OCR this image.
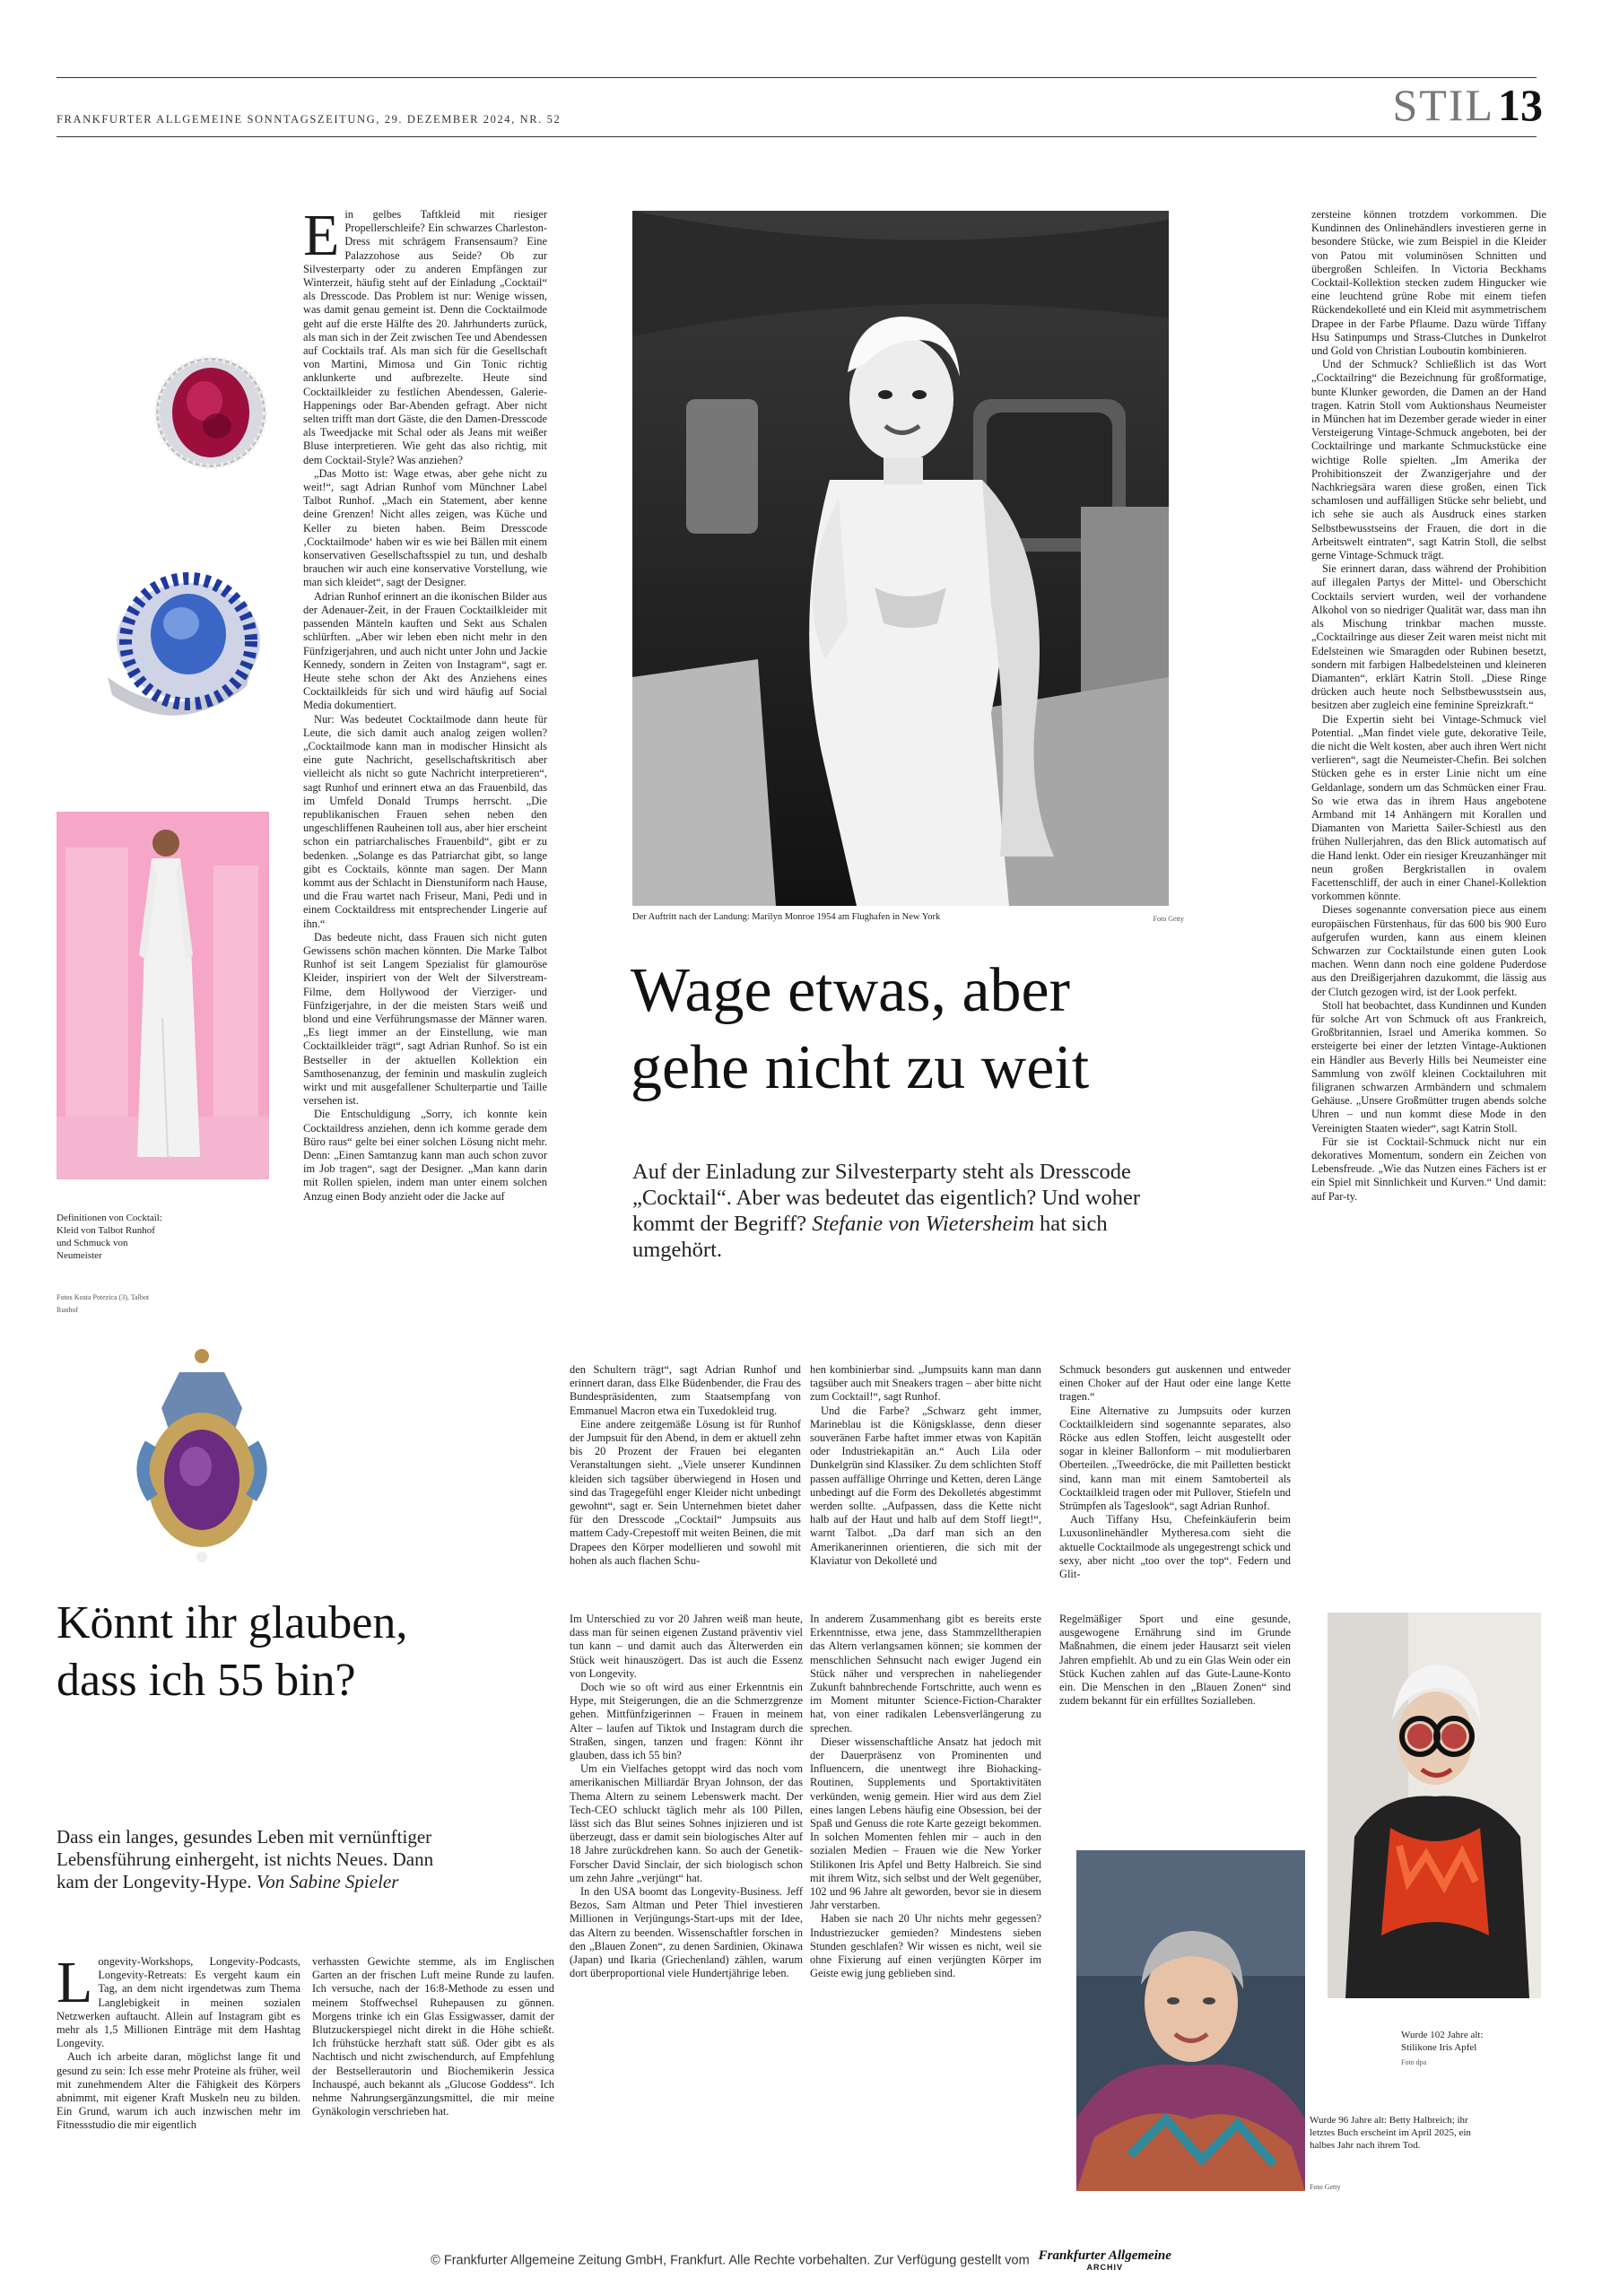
FRANKFURTER ALLGEMEINE SONNTAGSZEITUNG, 29. DEZEMBER 2024, NR. 52	STIL 13
Definitionen von Cocktail: Kleid von Talbot Runhof und Schmuck von Neumeister
Fotos Kosta Potezica (3), Talbot Runhof

Ein gelbes Taftkleid mit riesiger Propellerschleife? Ein schwarzes Charleston-Dress mit schrägem Fransensaum? Eine Palazzohose aus Seide? Ob zur Silvesterparty oder zu anderen Empfängen zur Winterzeit, häufig steht auf der Einladung „Cocktail“ als Dresscode. Das Problem ist nur: Wenige wissen, was damit genau gemeint ist. Denn die Cocktailmode geht auf die erste Hälfte des 20. Jahrhunderts zurück, als man sich in der Zeit zwischen Tee und Abendessen auf Cocktails traf. Als man sich für die Gesellschaft von Martini, Mimosa und Gin Tonic richtig anklunkerte und aufbrezelte. Heute sind Cocktailkleider zu festlichen Abendessen, Galerie-Happenings oder Bar-Abenden gefragt. Aber nicht selten trifft man dort Gäste, die den Damen-Dresscode als Tweedjacke mit Schal oder als Jeans mit weißer Bluse interpretieren. Wie geht das also richtig, mit dem Cocktail-Style? Was anziehen?

„Das Motto ist: Wage etwas, aber gehe nicht zu weit!“, sagt Adrian Runhof vom Münchner Label Talbot Runhof. „Mach ein Statement, aber kenne deine Grenzen! Nicht alles zeigen, was Küche und Keller zu bieten haben. Beim Dresscode ‚Cocktailmode‘ haben wir es wie bei Bällen mit einem konservativen Gesellschaftsspiel zu tun, und deshalb brauchen wir auch eine konservative Vorstellung, wie man sich kleidet“, sagt der Designer.

Adrian Runhof erinnert an die ikonischen Bilder aus der Adenauer-Zeit, in der Frauen Cocktailkleider mit passenden Mänteln kauften und Sekt aus Schalen schlürften. „Aber wir leben eben nicht mehr in den Fünfzigerjahren, und auch nicht unter John und Jackie Kennedy, sondern in Zeiten von Instagram“, sagt er. Heute stehe schon der Akt des Anziehens eines Cocktailkleids für sich und wird häufig auf Social Media dokumentiert.

Nur: Was bedeutet Cocktailmode dann heute für Leute, die sich damit auch analog zeigen wollen? „Cocktailmode kann man in modischer Hinsicht als eine gute Nachricht, gesellschaftskritisch aber vielleicht als nicht so gute Nachricht interpretieren“, sagt Runhof und erinnert etwa an das Frauenbild, das im Umfeld Donald Trumps herrscht. „Die republikanischen Frauen sehen neben den ungeschliffenen Rauheinen toll aus, aber hier erscheint schon ein patriarchalisches Frauenbild“, gibt er zu bedenken. „Solange es das Patriarchat gibt, so lange gibt es Cocktails, könnte man sagen. Der Mann kommt aus der Schlacht in Dienstuniform nach Hause, und die Frau wartet nach Friseur, Mani, Pedi und in einem Cocktaildress mit entsprechender Lingerie auf ihn.“

Das bedeute nicht, dass Frauen sich nicht guten Gewissens schön machen könnten. Die Marke Talbot Runhof ist seit Langem Spezialist für glamouröse Kleider, inspiriert von der Welt der Silverstream-Filme, dem Hollywood der Vierziger- und Fünfzigerjahre, in der die meisten Stars weiß und blond und eine Verführungsmasse der Männer waren. „Es liegt immer an der Einstellung, wie man Cocktailkleider trägt“, sagt Adrian Runhof. So ist ein Bestseller in der aktuellen Kollektion ein Samthosenanzug, der feminin und maskulin zugleich wirkt und mit ausgefallener Schulterpartie und Taille versehen ist.

Die Entschuldigung „Sorry, ich konnte kein Cocktaildress anziehen, denn ich komme gerade dem Büro raus“ gelte bei einer solchen Lösung nicht mehr. Denn: „Einen Samtanzug kann man auch schon zuvor im Job tragen“, sagt der Designer. „Man kann darin mit Rollen spielen, indem man unter einem solchen Anzug einen Body anzieht oder die Jacke auf

Der Auftritt nach der Landung: Marilyn Monroe 1954 am Flughafen in New York	Foto Getty
Wage etwas, aber
gehe nicht zu weit
Auf der Einladung zur Silvesterparty steht als Dresscode „Cocktail“. Aber was bedeutet das eigentlich? Und woher kommt der Begriff? Stefanie von Wietersheim hat sich umgehört.

den Schultern trägt“, sagt Adrian Runhof und erinnert daran, dass Elke Büdenbender, die Frau des Bundespräsidenten, zum Staatsempfang von Emmanuel Macron etwa ein Tuxedokleid trug.

Eine andere zeitgemäße Lösung ist für Runhof der Jumpsuit für den Abend, in dem er aktuell zehn bis 20 Prozent der Frauen bei eleganten Veranstaltungen sieht. „Viele unserer Kundinnen kleiden sich tagsüber überwiegend in Hosen und sind das Tragegefühl enger Kleider nicht unbedingt gewohnt“, sagt er. Sein Unternehmen bietet daher für den Dresscode „Cocktail“ Jumpsuits aus mattem Cady-Crepestoff mit weiten Beinen, die mit Drapees den Körper modellieren und sowohl mit hohen als auch flachen Schu-

hen kombinierbar sind. „Jumpsuits kann man dann tagsüber auch mit Sneakers tragen – aber bitte nicht zum Cocktail!“, sagt Runhof.

Und die Farbe? „Schwarz geht immer, Marineblau ist die Königsklasse, denn dieser souveränen Farbe haftet immer etwas von Kapitän oder Industriekapitän an.“ Auch Lila oder Dunkelgrün sind Klassiker. Zu dem schlichten Stoff passen auffällige Ohrringe und Ketten, deren Länge unbedingt auf die Form des Dekolletés abgestimmt werden sollte. „Aufpassen, dass die Kette nicht halb auf der Haut und halb auf dem Stoff liegt!“, warnt Talbot. „Da darf man sich an den Amerikanerinnen orientieren, die sich mit der Klaviatur von Dekolleté und

Schmuck besonders gut auskennen und entweder einen Choker auf der Haut oder eine lange Kette tragen.“

Eine Alternative zu Jumpsuits oder kurzen Cocktailkleidern sind sogenannte separates, also Röcke aus edlen Stoffen, leicht ausgestellt oder sogar in kleiner Ballonform – mit modulierbaren Oberteilen. „Tweedröcke, die mit Pailletten bestickt sind, kann man mit einem Samtoberteil als Cocktailkleid tragen oder mit Pullover, Stiefeln und Strümpfen als Tageslook“, sagt Adrian Runhof.

Auch Tiffany Hsu, Chefeinkäuferin beim Luxusonlinehändler Mytheresa.com sieht die aktuelle Cocktailmode als ungegestrengt schick und sexy, aber nicht „too over the top“. Federn und Glit-

zersteine können trotzdem vorkommen. Die Kundinnen des Onlinehändlers investieren gerne in besondere Stücke, wie zum Beispiel in die Kleider von Patou mit voluminösen Schnitten und übergroßen Schleifen. In Victoria Beckhams Cocktail-Kollektion stecken zudem Hingucker wie eine leuchtend grüne Robe mit einem tiefen Rückendekolleté und ein Kleid mit asymmetrischem Drapee in der Farbe Pflaume. Dazu würde Tiffany Hsu Satinpumps und Strass-Clutches in Dunkelrot und Gold von Christian Louboutin kombinieren.

Und der Schmuck? Schließlich ist das Wort „Cocktailring“ die Bezeichnung für großformatige, bunte Klunker geworden, die Damen an der Hand tragen. Katrin Stoll vom Auktionshaus Neumeister in München hat im Dezember gerade wieder in einer Versteigerung Vintage-Schmuck angeboten, bei der Cocktailringe und markante Schmuckstücke eine wichtige Rolle spielten. „Im Amerika der Prohibitionszeit der Zwanzigerjahre und der Nachkriegsära waren diese großen, einen Tick schamlosen und auffälligen Stücke sehr beliebt, und ich sehe sie auch als Ausdruck eines starken Selbstbewusstseins der Frauen, die dort in die Arbeitswelt eintraten“, sagt Katrin Stoll, die selbst gerne Vintage-Schmuck trägt.

Sie erinnert daran, dass während der Prohibition auf illegalen Partys der Mittel- und Oberschicht Cocktails serviert wurden, weil der vorhandene Alkohol von so niedriger Qualität war, dass man ihn als Mischung trinkbar machen musste. „Cocktailringe aus dieser Zeit waren meist nicht mit Edelsteinen wie Smaragden oder Rubinen besetzt, sondern mit farbigen Halbedelsteinen und kleineren Diamanten“, erklärt Katrin Stoll. „Diese Ringe drücken auch heute noch Selbstbewusstsein aus, besitzen aber zugleich eine feminine Spreizkraft.“

Die Expertin sieht bei Vintage-Schmuck viel Potential. „Man findet viele gute, dekorative Teile, die nicht die Welt kosten, aber auch ihren Wert nicht verlieren“, sagt die Neumeister-Chefin. Bei solchen Stücken gehe es in erster Linie nicht um eine Geldanlage, sondern um das Schmücken einer Frau. So wie etwa das in ihrem Haus angebotene Armband mit 14 Anhängern mit Korallen und Diamanten von Marietta Sailer-Schiestl aus den frühen Nullerjahren, das den Blick automatisch auf die Hand lenkt. Oder ein riesiger Kreuzanhänger mit neun großen Bergkristallen in ovalem Facettenschliff, der auch in einer Chanel-Kollektion vorkommen könnte.

Dieses sogenannte conversation piece aus einem europäischen Fürstenhaus, für das 600 bis 900 Euro aufgerufen wurden, kann aus einem kleinen Schwarzen zur Cocktailstunde einen guten Look machen. Wenn dann noch eine goldene Puderdose aus den Dreißigerjahren dazukommt, die lässig aus der Clutch gezogen wird, ist der Look perfekt.

Stoll hat beobachtet, dass Kundinnen und Kunden für solche Art von Schmuck oft aus Frankreich, Großbritannien, Israel und Amerika kommen. So ersteigerte bei einer der letzten Vintage-Auktionen ein Händler aus Beverly Hills bei Neumeister eine Sammlung von zwölf kleinen Cocktailuhren mit filigranen schwarzen Armbändern und schmalem Gehäuse. „Unsere Großmütter trugen abends solche Uhren – und nun kommt diese Mode in den Vereinigten Staaten wieder“, sagt Katrin Stoll.

Für sie ist Cocktail-Schmuck nicht nur ein dekoratives Momentum, sondern ein Zeichen von Lebensfreude. „Wie das Nutzen eines Fächers ist er ein Spiel mit Sinnlichkeit und Kurven.“ Und damit: auf Par-ty.

Könnt ihr glauben,
dass ich 55 bin?
Dass ein langes, gesundes Leben mit vernünftiger Lebensführung einhergeht, ist nichts Neues. Dann kam der Longevity-Hype. Von Sabine Spieler

Longevity-Workshops, Longevity-Podcasts, Longevity-Retreats: Es vergeht kaum ein Tag, an dem nicht irgendetwas zum Thema Langlebigkeit in meinen sozialen Netzwerken auftaucht. Allein auf Instagram gibt es mehr als 1,5 Millionen Einträge mit dem Hashtag Longevity.

Auch ich arbeite daran, möglichst lange fit und gesund zu sein: Ich esse mehr Proteine als früher, weil mit zunehmendem Alter die Fähigkeit des Körpers abnimmt, mit eigener Kraft Muskeln neu zu bilden. Ein Grund, warum ich auch inzwischen mehr im Fitnessstudio die mir eigentlich

verhassten Gewichte stemme, als im Englischen Garten an der frischen Luft meine Runde zu laufen. Ich versuche, nach der 16:8-Methode zu essen und meinem Stoffwechsel Ruhepausen zu gönnen. Morgens trinke ich ein Glas Essigwasser, damit der Blutzuckerspiegel nicht direkt in die Höhe schießt. Ich frühstücke herzhaft statt süß. Oder gibt es als Nachtisch und nicht zwischendurch, auf Empfehlung der Bestsellerautorin und Biochemikerin Jessica Inchauspé, auch bekannt als „Glucose Goddess“. Ich nehme Nahrungsergänzungsmittel, die mir meine Gynäkologin verschrieben hat.

Im Unterschied zu vor 20 Jahren weiß man heute, dass man für seinen eigenen Zustand präventiv viel tun kann – und damit auch das Älterwerden ein Stück weit hinauszögert. Das ist auch die Essenz von Longevity.

Doch wie so oft wird aus einer Erkenntnis ein Hype, mit Steigerungen, die an die Schmerzgrenze gehen. Mittfünfzigerinnen – Frauen in meinem Alter – laufen auf Tiktok und Instagram durch die Straßen, singen, tanzen und fragen: Könnt ihr glauben, dass ich 55 bin?

Um ein Vielfaches getoppt wird das noch vom amerikanischen Milliardär Bryan Johnson, der das Thema Altern zu seinem Lebenswerk macht. Der Tech-CEO schluckt täglich mehr als 100 Pillen, lässt sich das Blut seines Sohnes injizieren und ist überzeugt, dass er damit sein biologisches Alter auf 18 Jahre zurückdrehen kann. So auch der Genetik-Forscher David Sinclair, der sich biologisch schon um zehn Jahre „verjüngt“ hat.

In den USA boomt das Longevity-Business. Jeff Bezos, Sam Altman und Peter Thiel investieren Millionen in Verjüngungs-Start-ups mit der Idee, das Altern zu beenden. Wissenschaftler forschen in den „Blauen Zonen“, zu denen Sardinien, Okinawa (Japan) und Ikaria (Griechenland) zählen, warum dort überproportional viele Hundertjährige leben.

In anderem Zusammenhang gibt es bereits erste Erkenntnisse, etwa jene, dass Stammzelltherapien das Altern verlangsamen können; sie kommen der menschlichen Sehnsucht nach ewiger Jugend ein Stück näher und versprechen in naheliegender Zukunft bahnbrechende Fortschritte, auch wenn es im Moment mitunter Science-Fiction-Charakter hat, von einer radikalen Lebensverlängerung zu sprechen.

Dieser wissenschaftliche Ansatz hat jedoch mit der Dauerpräsenz von Prominenten und Influencern, die unentwegt ihre Biohacking-Routinen, Supplements und Sportaktivitäten verkünden, wenig gemein. Hier wird aus dem Ziel eines langen Lebens häufig eine Obsession, bei der Spaß und Genuss die rote Karte gezeigt bekommen. In solchen Momenten fehlen mir – auch in den sozialen Medien – Frauen wie die New Yorker Stilikonen Iris Apfel und Betty Halbreich. Sie sind mit ihrem Witz, sich selbst und der Welt gegenüber, 102 und 96 Jahre alt geworden, bevor sie in diesem Jahr verstarben.

Haben sie nach 20 Uhr nichts mehr gegessen? Industriezucker gemieden? Mindestens sieben Stunden geschlafen? Wir wissen es nicht, weil sie ohne Fixierung auf einen verjüngten Körper im Geiste ewig jung geblieben sind.

Regelmäßiger Sport und eine gesunde, ausgewogene Ernährung sind im Grunde Maßnahmen, die einem jeder Hausarzt seit vielen Jahren empfiehlt. Ab und zu ein Glas Wein oder ein Stück Kuchen zahlen auf das Gute-Laune-Konto ein. Die Menschen in den „Blauen Zonen“ sind zudem bekannt für ein erfülltes Sozialleben.

Wurde 102 Jahre alt:
Stilikone Iris Apfel
Foto dpa
Wurde 96 Jahre alt: Betty Halbreich; ihr letztes Buch erscheint im April 2025, ein halbes Jahr nach ihrem Tod.
Foto Getty
© Frankfurter Allgemeine Zeitung GmbH, Frankfurt. Alle Rechte vorbehalten. Zur Verfügung gestellt vom Frankfurter Allgemeine
ARCHIV
